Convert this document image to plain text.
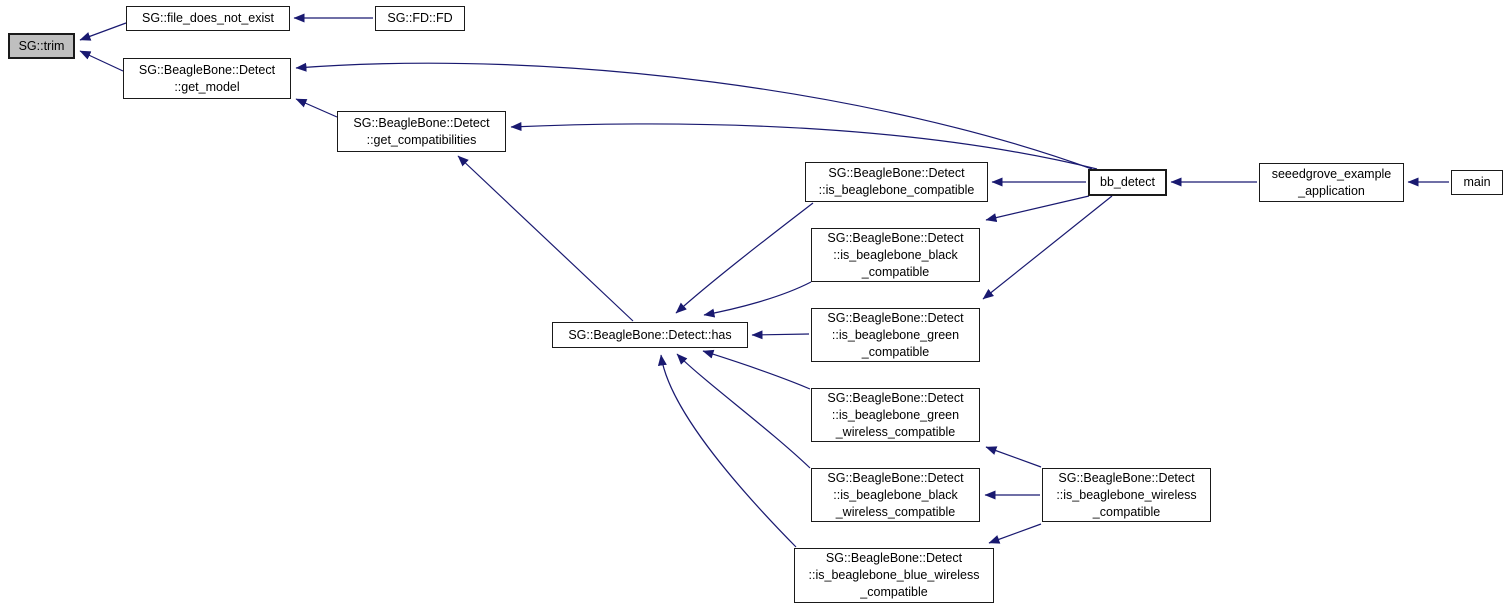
SG::trim
SG::file_does_not_exist	SG::FD::FD
SG::BeagleBone::Detect
::get_model
SG::BeagleBone::Detect
::get_compatibilities
SG::BeagleBone::Detect::has
SG::BeagleBone::Detect
::is_beaglebone_compatible
SG::BeagleBone::Detect
::is_beaglebone_black
_compatible
SG::BeagleBone::Detect
::is_beaglebone_green
_compatible
SG::BeagleBone::Detect
::is_beaglebone_green
_wireless_compatible
SG::BeagleBone::Detect
::is_beaglebone_black
_wireless_compatible
SG::BeagleBone::Detect
::is_beaglebone_blue_wireless
_compatible
SG::BeagleBone::Detect
::is_beaglebone_wireless
_compatible
bb_detect
seeedgrove_example
_application
main
